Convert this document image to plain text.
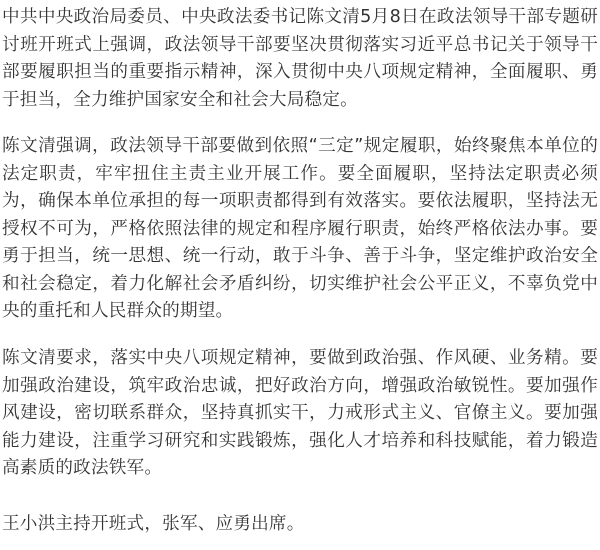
中共中央政治局委员、中央政法委书记陈文清5月8日在政法领导干部专题研讨班开班式上强调，政法领导干部要坚决贯彻落实习近平总书记关于领导干部要履职担当的重要指示精神，深入贯彻中央八项规定精神，全面履职、勇于担当，全力维护国家安全和社会大局稳定。

陈文清强调，政法领导干部要做到依照“三定”规定履职，始终聚焦本单位的法定职责，牢牢扭住主责主业开展工作。要全面履职，坚持法定职责必须为，确保本单位承担的每一项职责都得到有效落实。要依法履职，坚持法无授权不可为，严格依照法律的规定和程序履行职责，始终严格依法办事。要勇于担当，统一思想、统一行动，敢于斗争、善于斗争，坚定维护政治安全和社会稳定，着力化解社会矛盾纠纷，切实维护社会公平正义，不辜负党中央的重托和人民群众的期望。

陈文清要求，落实中央八项规定精神，要做到政治强、作风硬、业务精。要加强政治建设，筑牢政治忠诚，把好政治方向，增强政治敏锐性。要加强作风建设，密切联系群众，坚持真抓实干，力戒形式主义、官僚主义。要加强能力建设，注重学习研究和实践锻炼，强化人才培养和科技赋能，着力锻造高素质的政法铁军。

王小洪主持开班式，张军、应勇出席。
